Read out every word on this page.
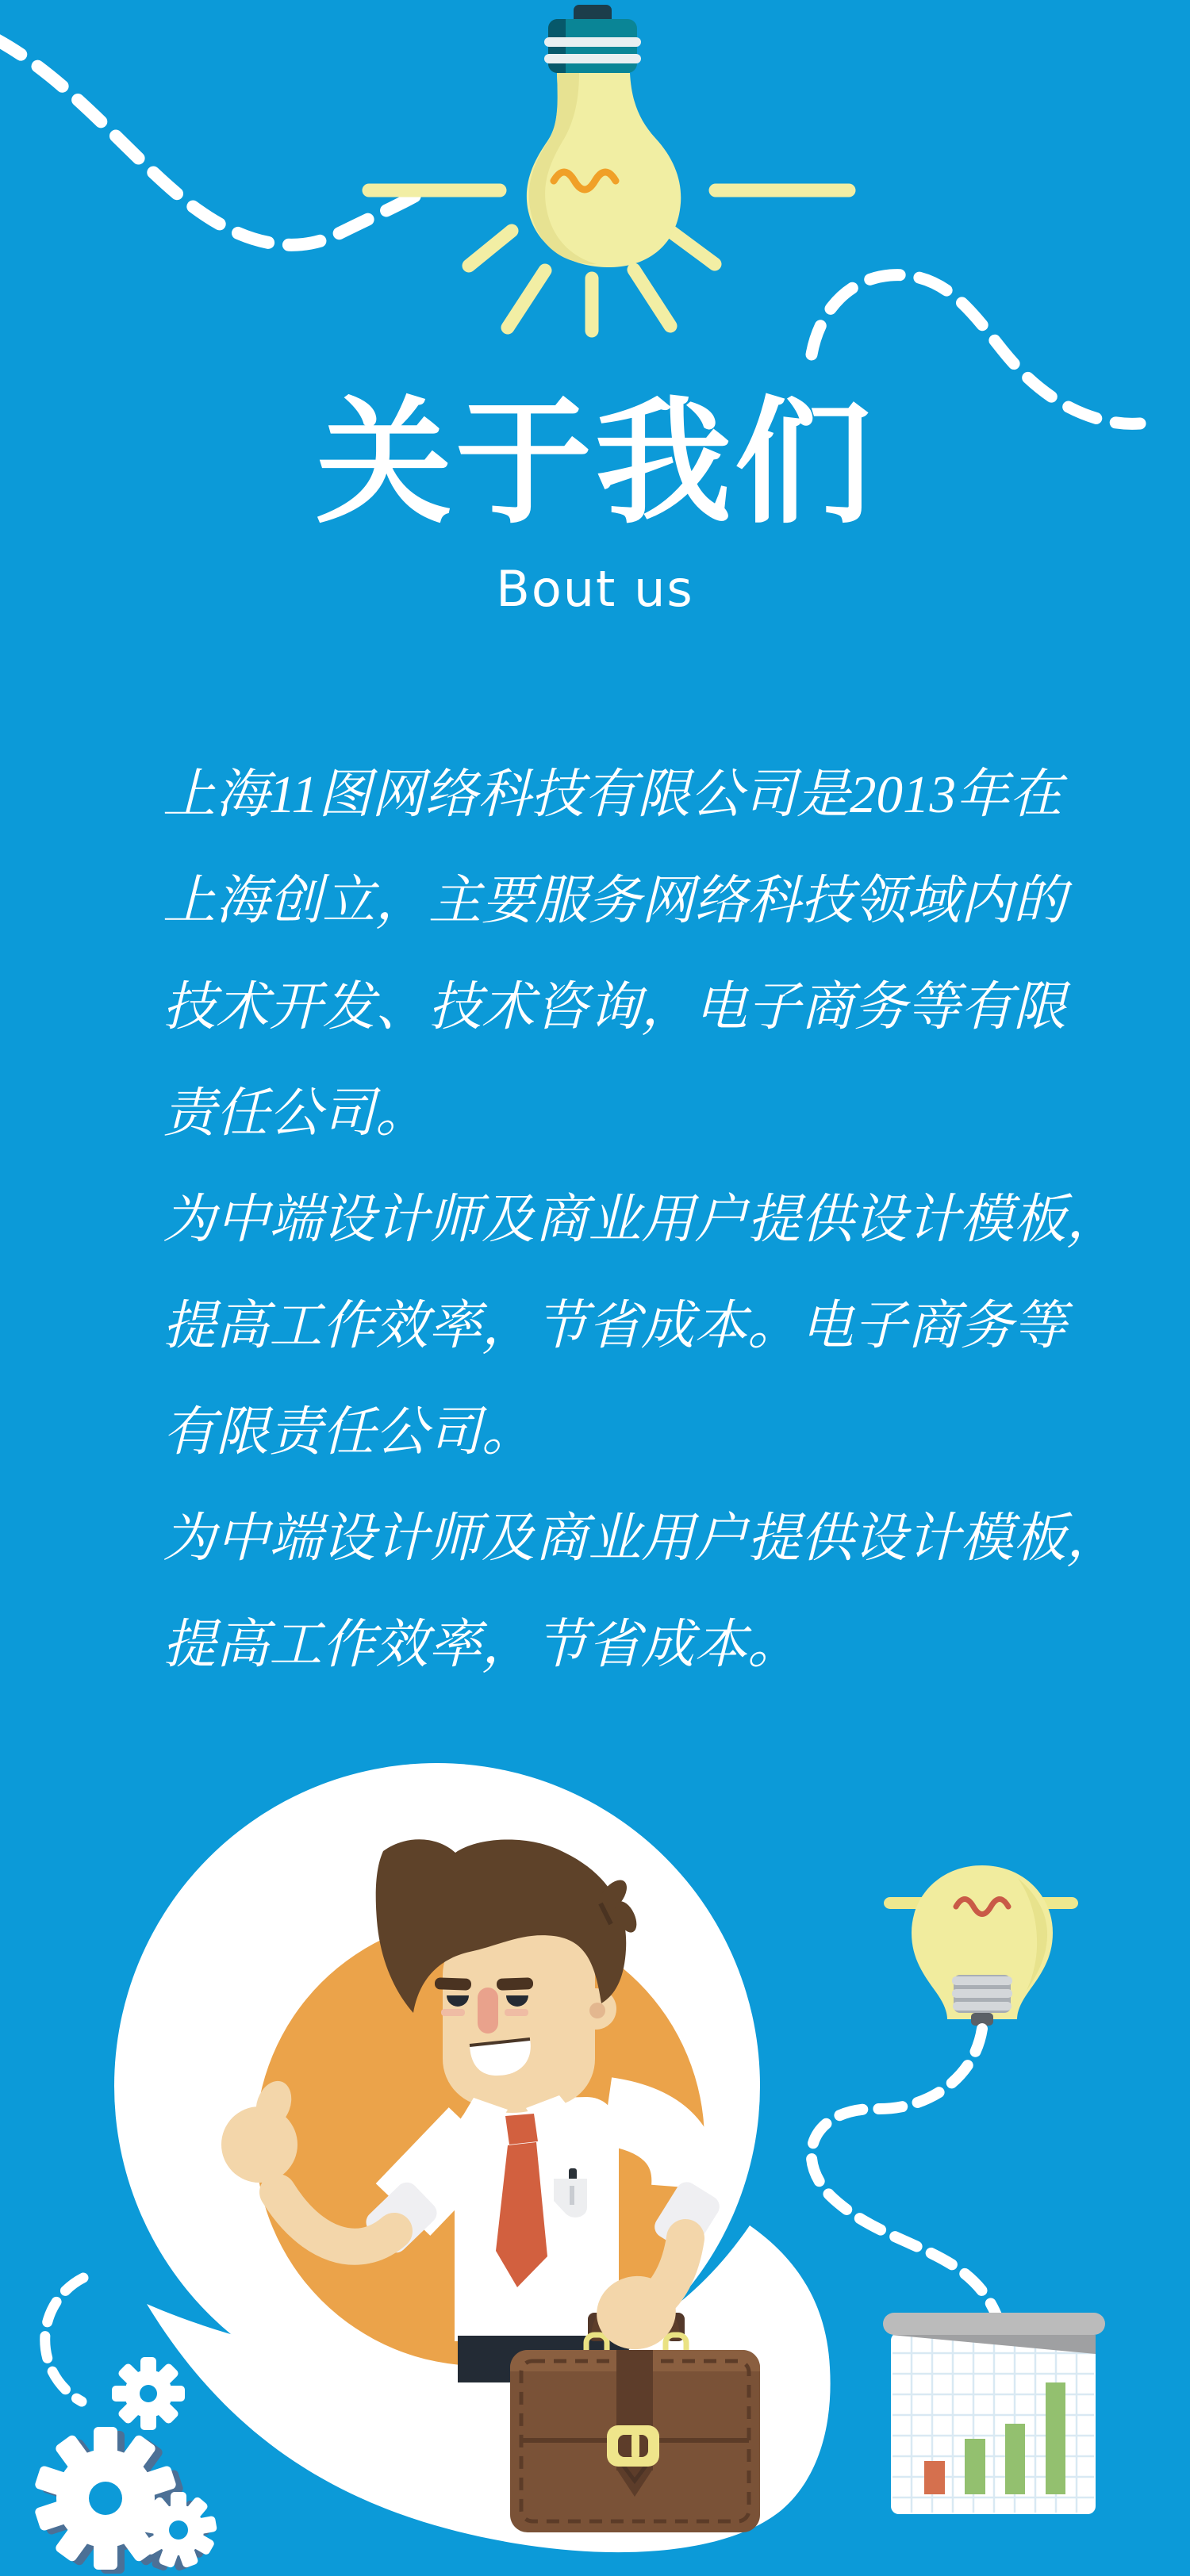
关于我们
Bout us
上海11图网络科技有限公司是2013年在
上海创立，主要服务网络科技领域内的
技术开发、技术咨询，电子商务等有限
责任公司。
为中端设计师及商业用户提供设计模板，
提高工作效率，节省成本。电子商务等
有限责任公司。
为中端设计师及商业用户提供设计模板，
提高工作效率，节省成本。
